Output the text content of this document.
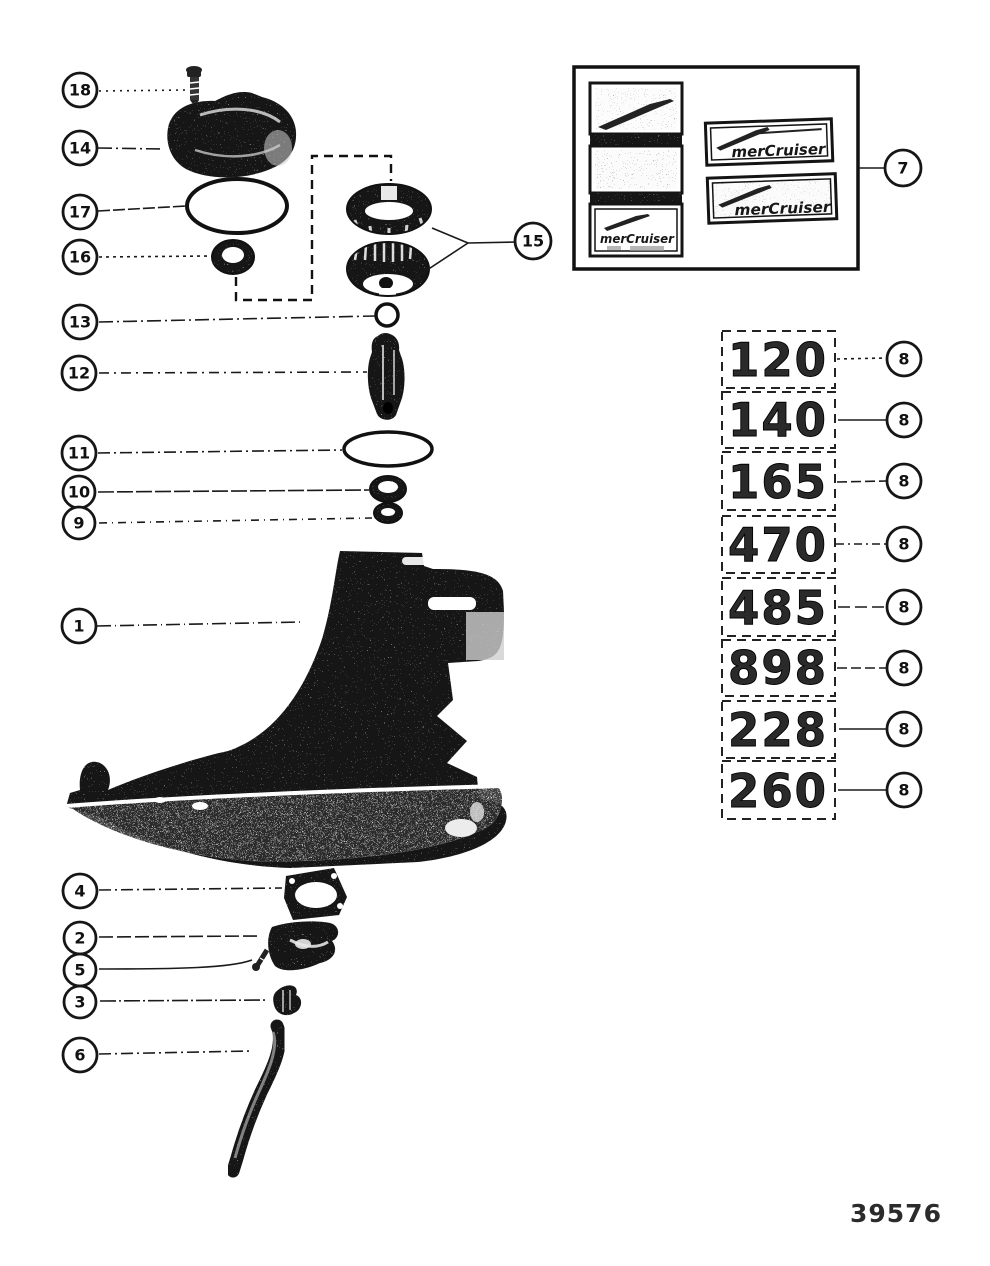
merCruiser
merCruiser
merCruiser
120	8
140	8
165	8
470	8
485	8
898	8
228	8
260	8
18
14
17
16
13
12
11
10
9
1
4
2
5
3
6
15
7
39576
